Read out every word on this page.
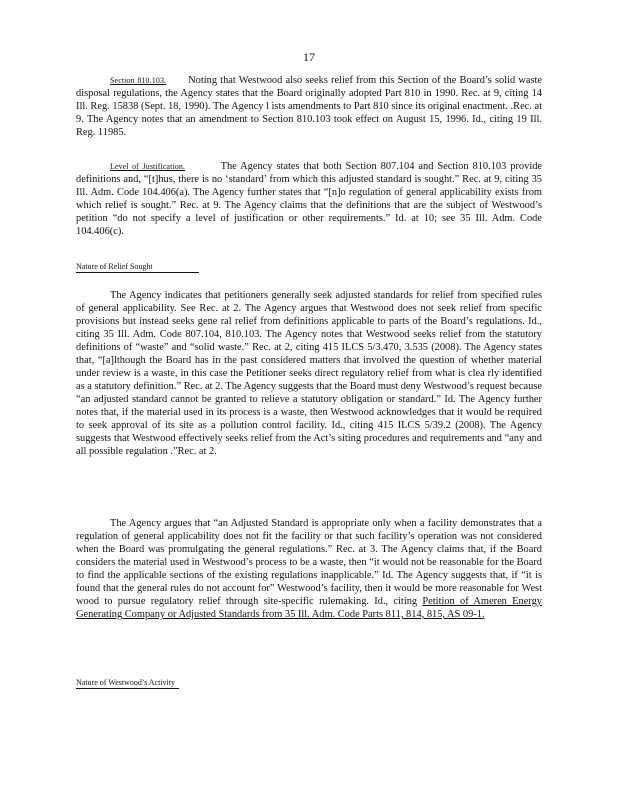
17
Section 810.103. Noting that Westwood also seeks relief from this Section of the Board’s solid waste disposal regulations, the Agency states that the Board originally adopted Part 810 in 1990. Rec. at 9, citing 14 Ill. Reg. 15838 (Sept. 18, 1990). The Agency l ists amendments to Part 810 since its original enactment. .Rec. at 9. The Agency notes that an amendment to Section 810.103 took effect on August 15, 1996. Id., citing 19 Ill. Reg. 11985.
Level of Justification.	The Agency states that both Section 807.104 and Section 810.103 provide definitions and, “[t]hus, there is no ‘standard’ from which this adjusted standard is sought.” Rec. at 9, citing 35 Ill. Adm. Code 104.406(a). The Agency further states that “[n]o regulation of general applicability exists from which relief is sought.” Rec. at 9. The Agency claims that the definitions that are the subject of Westwood’s petition “do not specify a level of justification or other requirements.” Id. at 10; see 35 Ill. Adm. Code 104.406(c).
Nature of Relief Sought
The Agency indicates that petitioners generally seek adjusted standards for relief from specified rules of general applicability. See Rec. at 2. The Agency argues that Westwood does not seek relief from specific provisions but instead seeks gene ral relief from definitions applicable to parts of the Board’s regulations. Id., citing 35 Ill. Adm. Code 807.104, 810.103. The Agency notes that Westwood seeks relief from the statutory definitions of “waste” and “solid waste.” Rec. at 2, citing 415 ILCS 5/3.470, 3.535 (2008). The Agency states that, “[a]lthough the Board has in the past considered matters that involved the question of whether material under review is a waste, in this case the Petitioner seeks direct regulatory relief from what is clea rly identified as a statutory definition.” Rec. at 2. The Agency suggests that the Board must deny Westwood’s request because “an adjusted standard cannot be granted to relieve a statutory obligation or standard.” Id. The Agency further notes that, if the material used in its process is a waste, then Westwood acknowledges that it would be required to seek approval of its site as a pollution control facility. Id., citing 415 ILCS 5/39.2 (2008). The Agency suggests that Westwood effectively seeks relief from the Act’s siting procedures and requirements and “any and all possible regulation .”Rec. at 2.

The Agency argues that “an Adjusted Standard is appropriate only when a facility demonstrates that a regulation of general applicability does not fit the facility or that such facility’s operation was not considered when the Board was promulgating the general regulations.” Rec. at 3. The Agency claims that, if the Board considers the material used in Westwood’s process to be a waste, then “it would not be reasonable for the Board to find the applicable sections of the existing regulations inapplicable.” Id. The Agency suggests that, if “it is found that the general rules do not account for” Westwood’s facility, then it would be more reasonable for West wood to pursue regulatory relief through site-specific rulemaking. Id., citing Petition of Ameren Energy Generating Company or Adjusted Standards from 35 Ill. Adm. Code Parts 811, 814, 815, AS 09-1.

Nature of Westwood’s Activity
